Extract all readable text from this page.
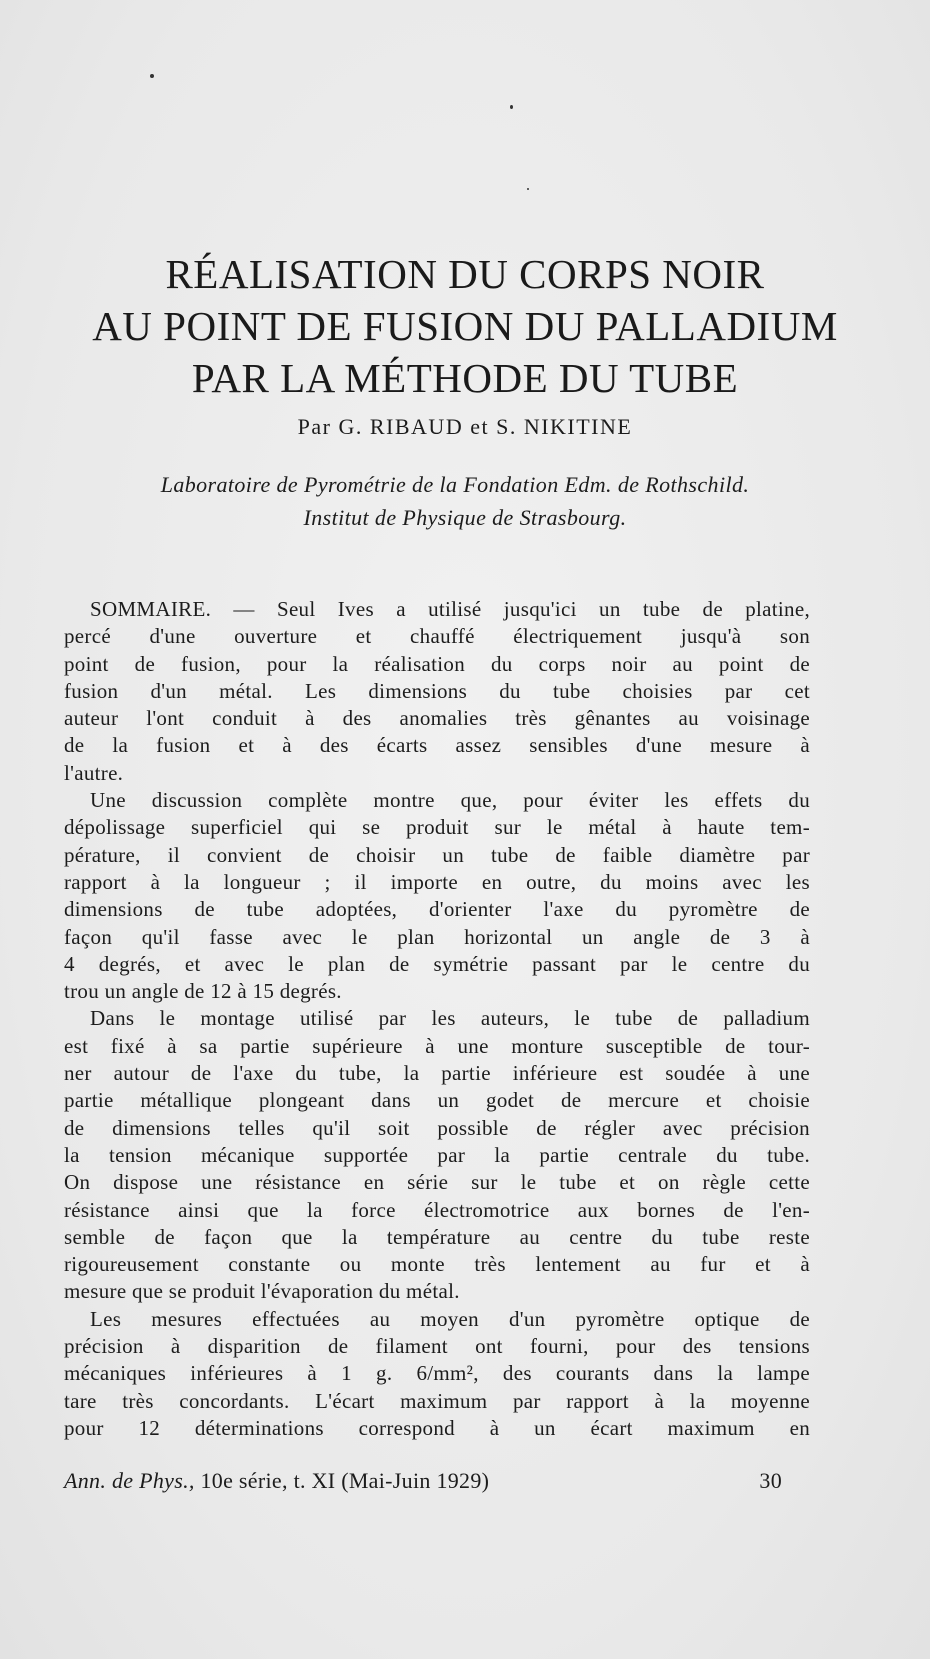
RÉALISATION DU CORPS NOIR
AU POINT DE FUSION DU PALLADIUM
PAR LA MÉTHODE DU TUBE
Par G. RIBAUD et S. NIKITINE
Laboratoire de Pyrométrie de la Fondation Edm. de Rothschild.
Institut de Physique de Strasbourg.
SOMMAIRE. — Seul Ives a utilisé jusqu'ici un tube de platine,
percé d'une ouverture et chauffé électriquement jusqu'à son
point de fusion, pour la réalisation du corps noir au point de
fusion d'un métal. Les dimensions du tube choisies par cet
auteur l'ont conduit à des anomalies très gênantes au voisinage
de la fusion et à des écarts assez sensibles d'une mesure à
l'autre.
Une discussion complète montre que, pour éviter les effets du
dépolissage superficiel qui se produit sur le métal à haute tem-
pérature, il convient de choisir un tube de faible diamètre par
rapport à la longueur ; il importe en outre, du moins avec les
dimensions de tube adoptées, d'orienter l'axe du pyromètre de
façon qu'il fasse avec le plan horizontal un angle de 3 à
4 degrés, et avec le plan de symétrie passant par le centre du
trou un angle de 12 à 15 degrés.
Dans le montage utilisé par les auteurs, le tube de palladium
est fixé à sa partie supérieure à une monture susceptible de tour-
ner autour de l'axe du tube, la partie inférieure est soudée à une
partie métallique plongeant dans un godet de mercure et choisie
de dimensions telles qu'il soit possible de régler avec précision
la tension mécanique supportée par la partie centrale du tube.
On dispose une résistance en série sur le tube et on règle cette
résistance ainsi que la force électromotrice aux bornes de l'en-
semble de façon que la température au centre du tube reste
rigoureusement constante ou monte très lentement au fur et à
mesure que se produit l'évaporation du métal.
Les mesures effectuées au moyen d'un pyromètre optique de
précision à disparition de filament ont fourni, pour des tensions
mécaniques inférieures à 1 g. 6/mm², des courants dans la lampe
tare très concordants. L'écart maximum par rapport à la moyenne
pour 12 déterminations correspond à un écart maximum en
Ann. de Phys., 10e série, t. XI (Mai-Juin 1929)	30
